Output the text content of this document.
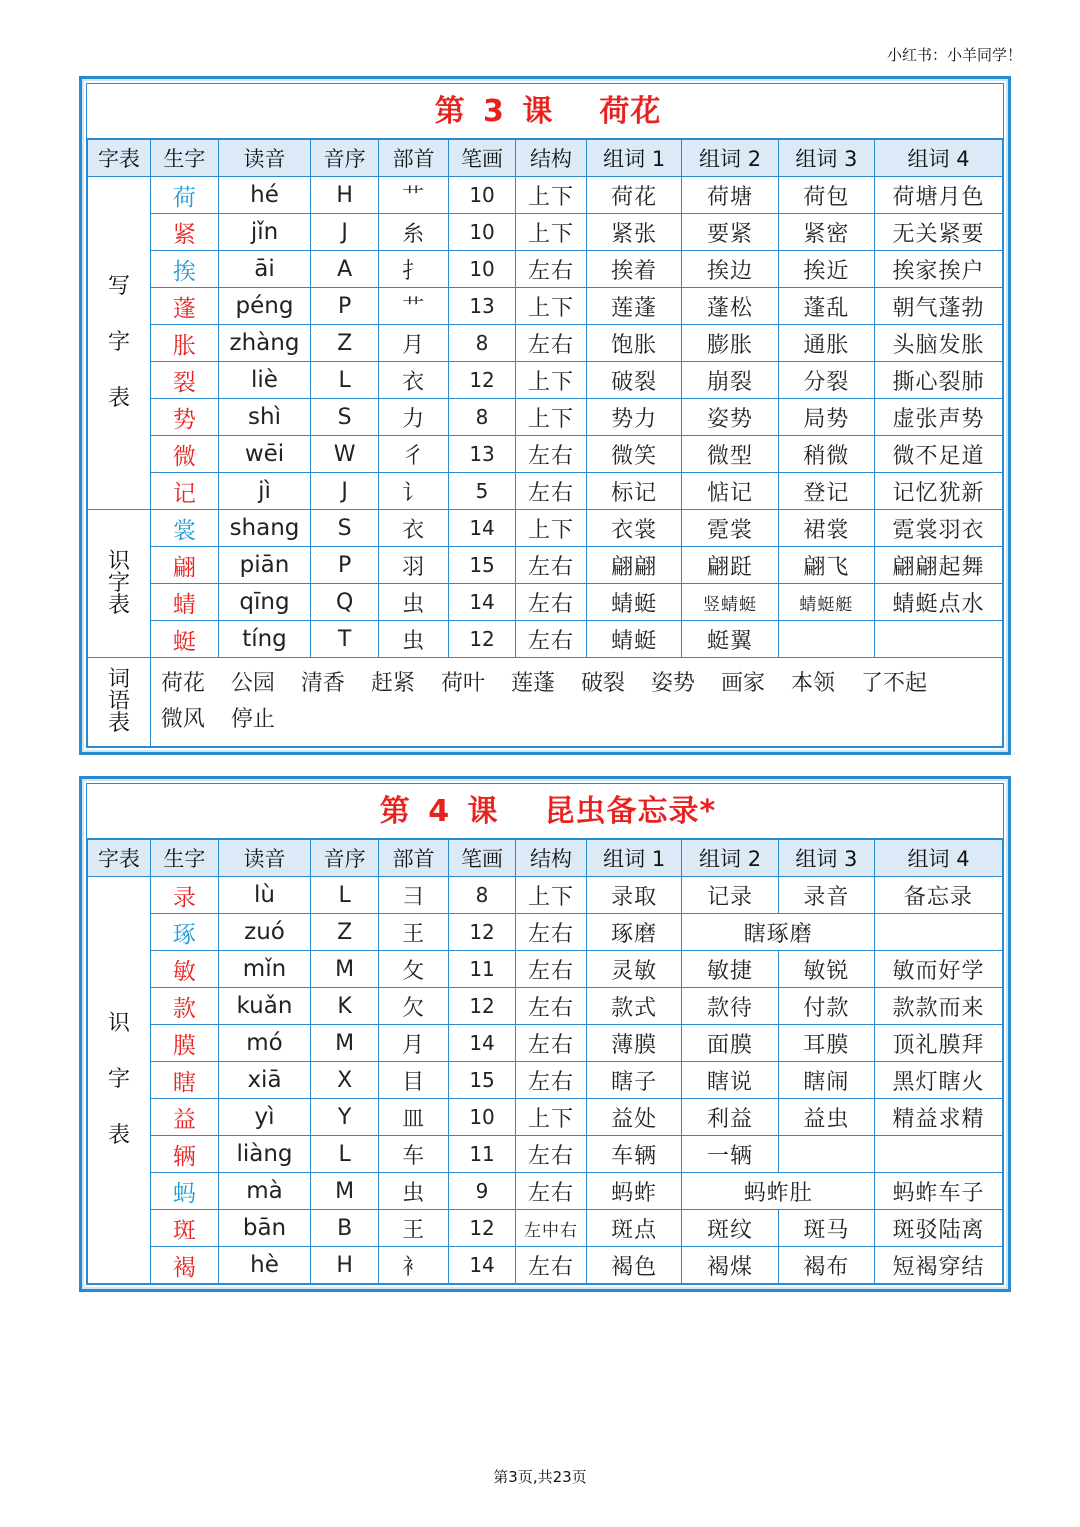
小红书：小羊同学！
第 3 课 荷花
字表	生字	读音	音序	部首	笔画	结构	组词 1	组词 2	组词 3	组词 4

写
字
表	荷	hé	H	艹	10	上下	荷花	荷塘	荷包	荷塘月色
	紧	jǐn	J	糸	10	上下	紧张	要紧	紧密	无关紧要
	挨	āi	A	扌	10	左右	挨着	挨边	挨近	挨家挨户
	蓬	péng	P	艹	13	上下	莲蓬	蓬松	蓬乱	朝气蓬勃
	胀	zhàng	Z	月	8	左右	饱胀	膨胀	通胀	头脑发胀
	裂	liè	L	衣	12	上下	破裂	崩裂	分裂	撕心裂肺
	势	shì	S	力	8	上下	势力	姿势	局势	虚张声势
	微	wēi	W	彳	13	左右	微笑	微型	稍微	微不足道
	记	jì	J	讠	5	左右	标记	惦记	登记	记忆犹新

识
字
表	裳	shang	S	衣	14	上下	衣裳	霓裳	裙裳	霓裳羽衣
	翩	piān	P	羽	15	左右	翩翩	翩跹	翩飞	翩翩起舞
	蜻	qīng	Q	虫	14	左右	蜻蜓	竖蜻蜓	蜻蜓艇	蜻蜓点水
	蜓	tíng	T	虫	12	左右	蜻蜓	蜓翼		

词
语
表	荷花 公园 清香 赶紧 荷叶 莲蓬 破裂 姿势 画家 本领 了不起微风 停止									
第 4 课 昆虫备忘录*
字表	生字	读音	音序	部首	笔画	结构	组词 1	组词 2	组词 3	组词 4

识
字
表	录	lù	L	彐	8	上下	录取	记录	录音	备忘录
	琢	zuó	Z	王	12	左右	琢磨	瞎琢磨		
	敏	mǐn	M	攵	11	左右	灵敏	敏捷	敏锐	敏而好学
	款	kuǎn	K	欠	12	左右	款式	款待	付款	款款而来
	膜	mó	M	月	14	左右	薄膜	面膜	耳膜	顶礼膜拜
	瞎	xiā	X	目	15	左右	瞎子	瞎说	瞎闹	黑灯瞎火
	益	yì	Y	皿	10	上下	益处	利益	益虫	精益求精
	辆	liàng	L	车	11	左右	车辆	一辆		
	蚂	mà	M	虫	9	左右	蚂蚱	蚂蚱肚		蚂蚱车子
	斑	bān	B	王	12	左中右	斑点	斑纹	斑马	斑驳陆离
	褐	hè	H	衤	14	左右	褐色	褐煤	褐布	短褐穿结
第3页,共23页
